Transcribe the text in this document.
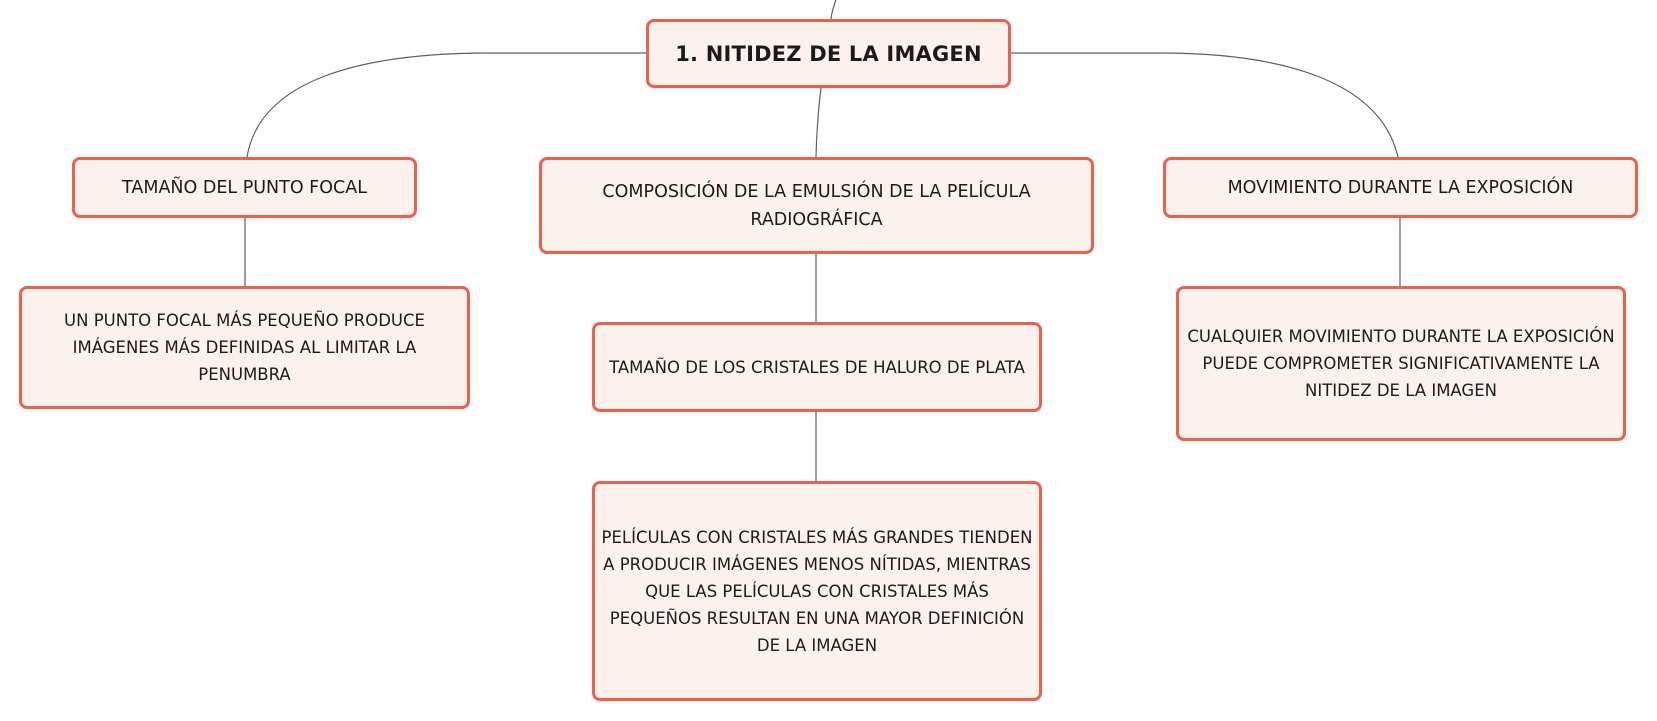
1. NITIDEZ DE LA IMAGEN
TAMAÑO DEL PUNTO FOCAL	COMPOSICIÓN DE LA EMULSIÓN DE LA PELÍCULA RADIOGRÁFICA
MOVIMIENTO DURANTE LA EXPOSICIÓN
UN PUNTO FOCAL MÁS PEQUEÑO PRODUCE IMÁGENES MÁS DEFINIDAS AL LIMITAR LA PENUMBRA	TAMAÑO DE LOS CRISTALES DE HALURO DE PLATA
PELÍCULAS CON CRISTALES MÁS GRANDES TIENDEN A PRODUCIR IMÁGENES MENOS NÍTIDAS, MIENTRAS QUE LAS PELÍCULAS CON CRISTALES MÁS PEQUEÑOS RESULTAN EN UNA MAYOR DEFINICIÓN DE LA IMAGEN
CUALQUIER MOVIMIENTO DURANTE LA EXPOSICIÓN PUEDE COMPROMETER SIGNIFICATIVAMENTE LA NITIDEZ DE LA IMAGEN
